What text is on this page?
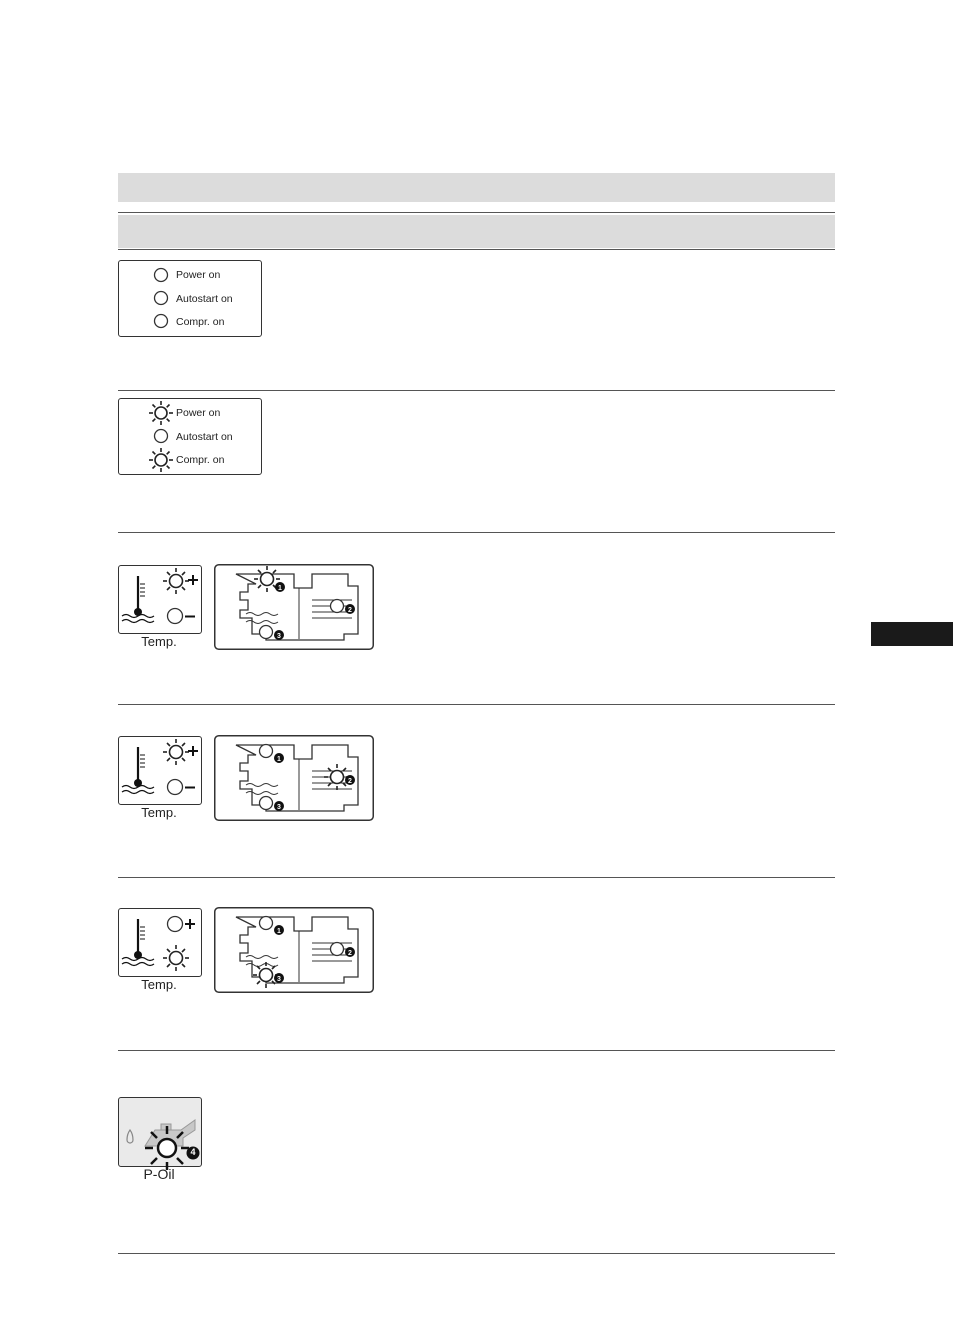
Power on
Autostart on
Compr. on
Power on
Autostart on
Compr. on
Temp.
1
2
3
Temp.
1
2
3
Temp.
1
2
3
4
P-Oil
